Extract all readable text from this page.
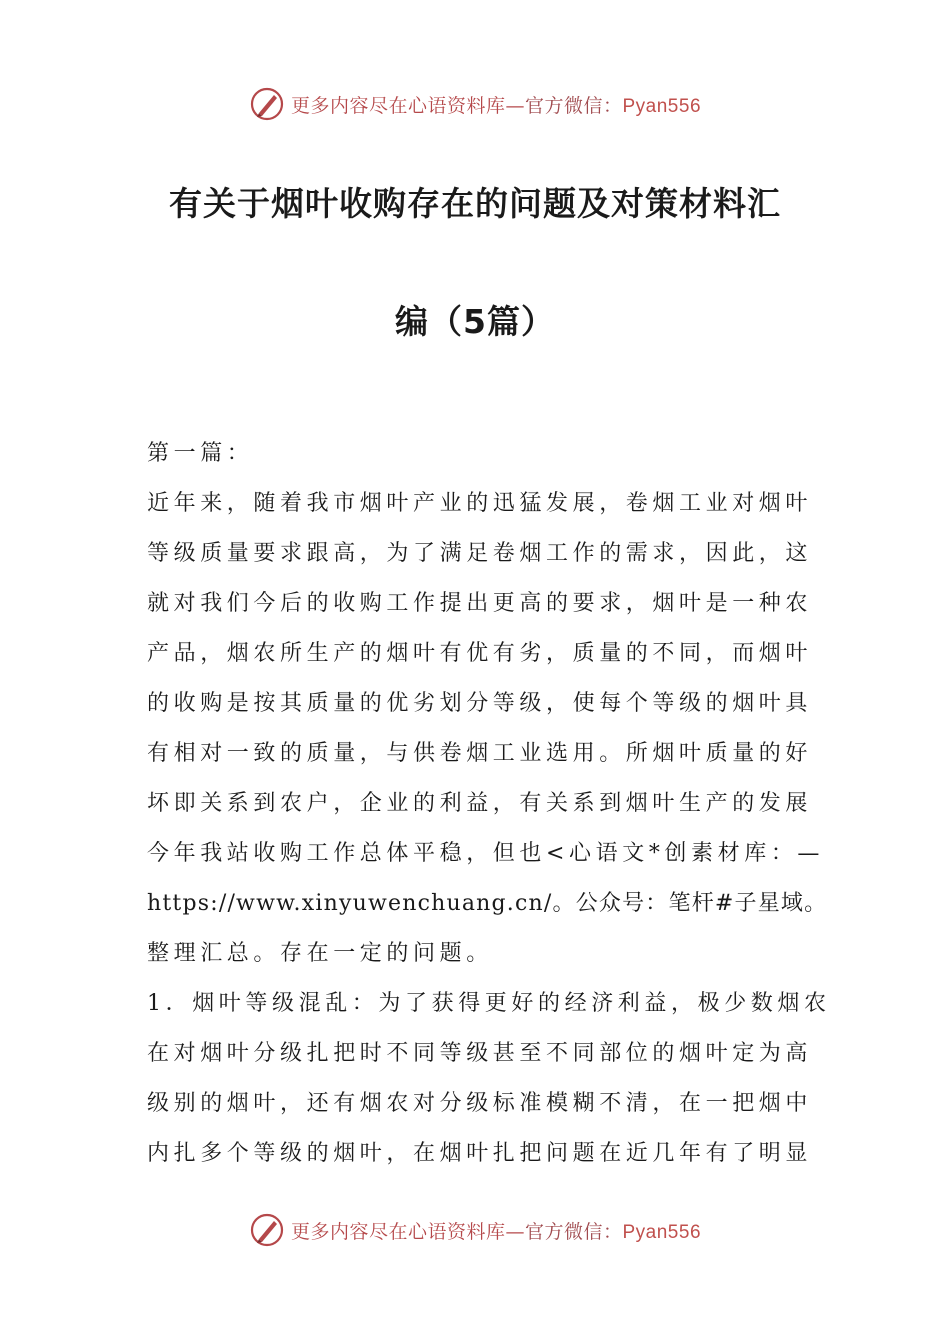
更多内容尽在心语资料库—官方微信：Pyan556
有关于烟叶收购存在的问题及对策材料汇
编（5篇）

第一篇：

近年来，随着我市烟叶产业的迅猛发展，卷烟工业对烟叶

等级质量要求跟高，为了满足卷烟工作的需求，因此，这

就对我们今后的收购工作提出更高的要求，烟叶是一种农

产品，烟农所生产的烟叶有优有劣，质量的不同，而烟叶

的收购是按其质量的优劣划分等级，使每个等级的烟叶具

有相对一致的质量，与供卷烟工业选用。所烟叶质量的好

坏即关系到农户，企业的利益，有关系到烟叶生产的发展

今年我站收购工作总体平稳，但也<心语文*创素材库：—

https://www.xinyuwenchuang.cn/。公众号：笔杆#子星域。

整理汇总。存在一定的问题。

1．烟叶等级混乱：为了获得更好的经济利益，极少数烟农

在对烟叶分级扎把时不同等级甚至不同部位的烟叶定为高

级别的烟叶，还有烟农对分级标准模糊不清，在一把烟中

内扎多个等级的烟叶，在烟叶扎把问题在近几年有了明显

更多内容尽在心语资料库—官方微信：Pyan556
